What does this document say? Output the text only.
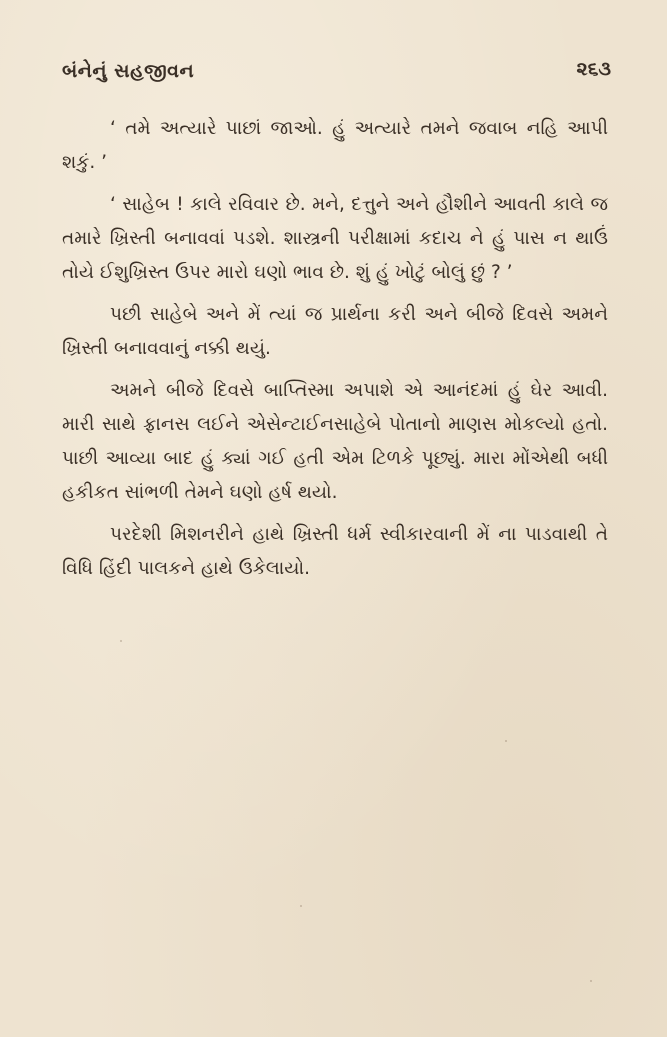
બંનેનું સહજીવન	૨૬૩

‘ તમે અત્યારે પાછાં જાઓ. હું અત્યારે તમને જવાબ નહિ આપી શકું. ’

‘ સાહેબ ! કાલે રવિવાર છે. મને, દત્તુને અને હૌશીને આવતી કાલે જ તમારે ખ્રિસ્તી બનાવવાં પડશે. શાસ્ત્રની પરીક્ષામાં કદાચ ને હું પાસ ન થાઉં તોયે ઈશુખ્રિસ્ત ઉપર મારો ઘણો ભાવ છે. શું હું ખોટું બોલું છું ? ’

પછી સાહેબે અને મેં ત્યાં જ પ્રાર્થના કરી અને બીજે દિવસે અમને ખ્રિસ્તી બનાવવાનું નક્કી થયું.

અમને બીજે દિવસે બાપ્તિસ્મા અપાશે એ આનંદમાં હું ઘેર આવી. મારી સાથે ફ્રાનસ લઈને એસેન્ટાઈનસાહેબે પોતાનો માણસ મોકલ્યો હતો. પાછી આવ્યા બાદ હું ક્યાં ગઈ હતી એમ ટિળકે પૂછ્યું. મારા મોંએથી બધી હકીકત સાંભળી તેમને ઘણો હર્ષ થયો.

પરદેશી મિશનરીને હાથે ખ્રિસ્તી ધર્મ સ્વીકારવાની મેં ના પાડવાથી તે વિધિ હિંદી પાલકને હાથે ઉકેલાયો.
